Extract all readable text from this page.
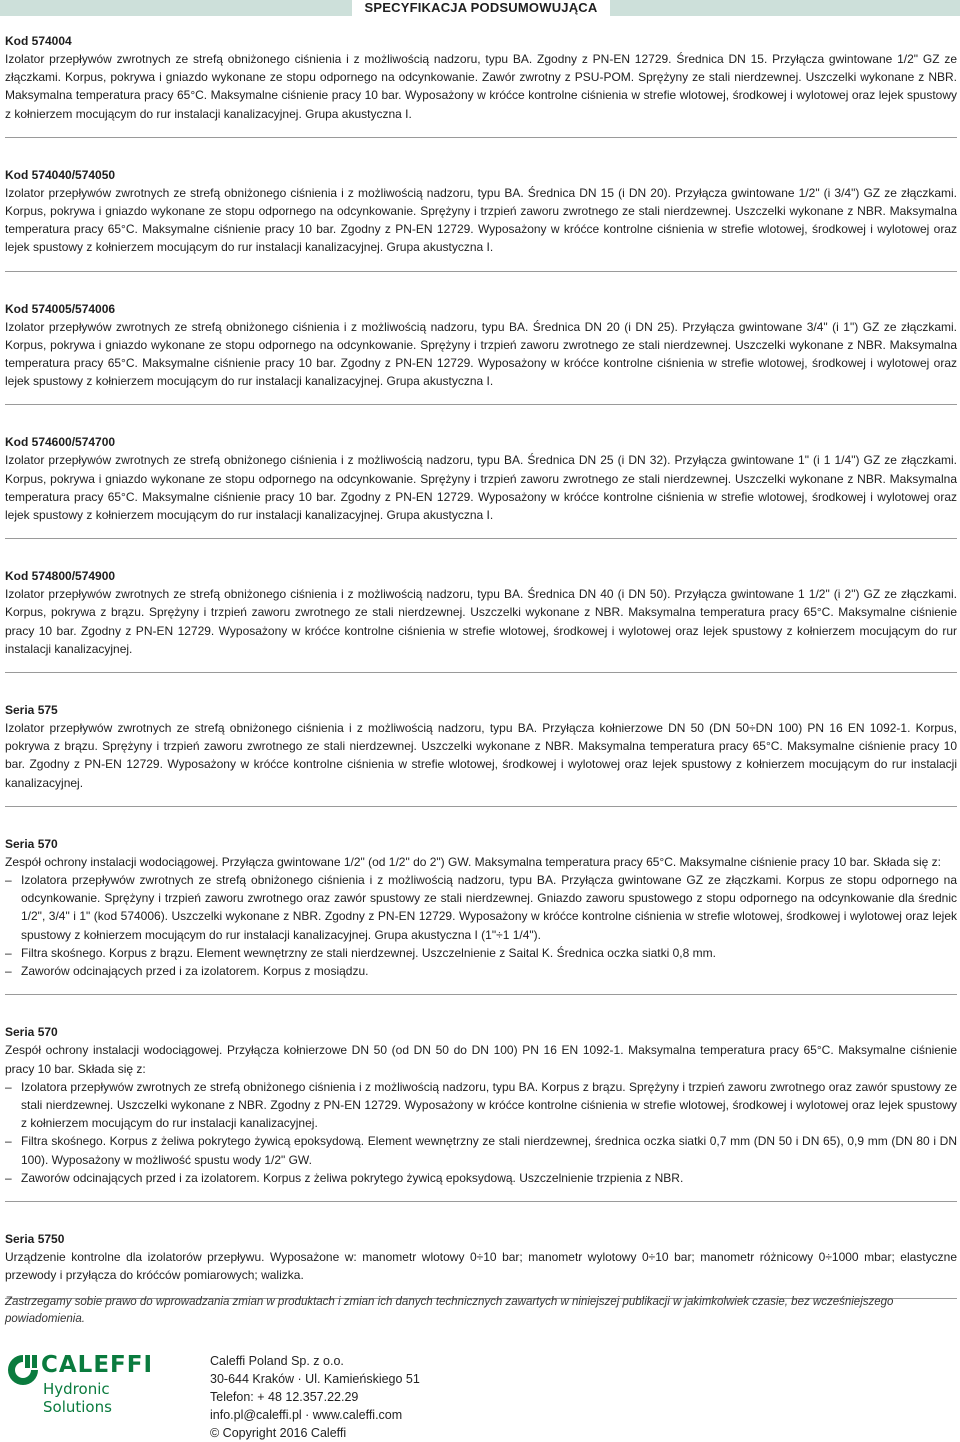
SPECYFIKACJA PODSUMOWUJĄCA
Kod 574004
Izolator przepływów zwrotnych ze strefą obniżonego ciśnienia i z możliwością nadzoru, typu BA. Zgodny z PN-EN 12729. Średnica DN 15. Przyłącza gwintowane 1/2" GZ ze złączkami. Korpus, pokrywa i gniazdo wykonane ze stopu odpornego na odcynkowanie. Zawór zwrotny z PSU-POM. Sprężyny ze stali nierdzewnej. Uszczelki wykonane z NBR. Maksymalna temperatura pracy 65°C. Maksymalne ciśnienie pracy 10 bar. Wyposażony w króćce kontrolne ciśnienia w strefie wlotowej, środkowej i wylotowej oraz lejek spustowy z kołnierzem mocującym do rur instalacji kanalizacyjnej. Grupa akustyczna I.
Kod 574040/574050
Izolator przepływów zwrotnych ze strefą obniżonego ciśnienia i z możliwością nadzoru, typu BA. Średnica DN 15 (i DN 20). Przyłącza gwintowane 1/2" (i 3/4") GZ ze złączkami. Korpus, pokrywa i gniazdo wykonane ze stopu odpornego na odcynkowanie. Sprężyny i trzpień zaworu zwrotnego ze stali nierdzewnej. Uszczelki wykonane z NBR. Maksymalna temperatura pracy 65°C. Maksymalne ciśnienie pracy 10 bar. Zgodny z PN-EN 12729. Wyposażony w króćce kontrolne ciśnienia w strefie wlotowej, środkowej i wylotowej oraz lejek spustowy z kołnierzem mocującym do rur instalacji kanalizacyjnej. Grupa akustyczna I.
Kod 574005/574006
Izolator przepływów zwrotnych ze strefą obniżonego ciśnienia i z możliwością nadzoru, typu BA. Średnica DN 20 (i DN 25). Przyłącza gwintowane 3/4" (i 1") GZ ze złączkami. Korpus, pokrywa i gniazdo wykonane ze stopu odpornego na odcynkowanie. Sprężyny i trzpień zaworu zwrotnego ze stali nierdzewnej. Uszczelki wykonane z NBR. Maksymalna temperatura pracy 65°C. Maksymalne ciśnienie pracy 10 bar. Zgodny z PN-EN 12729. Wyposażony w króćce kontrolne ciśnienia w strefie wlotowej, środkowej i wylotowej oraz lejek spustowy z kołnierzem mocującym do rur instalacji kanalizacyjnej. Grupa akustyczna I.
Kod 574600/574700
Izolator przepływów zwrotnych ze strefą obniżonego ciśnienia i z możliwością nadzoru, typu BA. Średnica DN 25 (i DN 32). Przyłącza gwintowane 1" (i 1 1/4") GZ ze złączkami. Korpus, pokrywa i gniazdo wykonane ze stopu odpornego na odcynkowanie. Sprężyny i trzpień zaworu zwrotnego ze stali nierdzewnej. Uszczelki wykonane z NBR. Maksymalna temperatura pracy 65°C. Maksymalne ciśnienie pracy 10 bar. Zgodny z PN-EN 12729. Wyposażony w króćce kontrolne ciśnienia w strefie wlotowej, środkowej i wylotowej oraz lejek spustowy z kołnierzem mocującym do rur instalacji kanalizacyjnej. Grupa akustyczna I.
Kod 574800/574900
Izolator przepływów zwrotnych ze strefą obniżonego ciśnienia i z możliwością nadzoru, typu BA. Średnica DN 40 (i DN 50). Przyłącza gwintowane 1 1/2" (i 2") GZ ze złączkami. Korpus, pokrywa z brązu. Sprężyny i trzpień zaworu zwrotnego ze stali nierdzewnej. Uszczelki wykonane z NBR. Maksymalna temperatura pracy 65°C. Maksymalne ciśnienie pracy 10 bar. Zgodny z PN-EN 12729. Wyposażony w króćce kontrolne ciśnienia w strefie wlotowej, środkowej i wylotowej oraz lejek spustowy z kołnierzem mocującym do rur instalacji kanalizacyjnej.
Seria 575
Izolator przepływów zwrotnych ze strefą obniżonego ciśnienia i z możliwością nadzoru, typu BA. Przyłącza kołnierzowe DN 50 (DN 50÷DN 100) PN 16 EN 1092-1. Korpus, pokrywa z brązu. Sprężyny i trzpień zaworu zwrotnego ze stali nierdzewnej. Uszczelki wykonane z NBR. Maksymalna temperatura pracy 65°C. Maksymalne ciśnienie pracy 10 bar. Zgodny z PN-EN 12729. Wyposażony w króćce kontrolne ciśnienia w strefie wlotowej, środkowej i wylotowej oraz lejek spustowy z kołnierzem mocującym do rur instalacji kanalizacyjnej.
Seria 570
Zespół ochrony instalacji wodociągowej. Przyłącza gwintowane 1/2" (od 1/2" do 2") GW. Maksymalna temperatura pracy 65°C. Maksymalne ciśnienie pracy 10 bar. Składa się z:
– Izolatora przepływów zwrotnych ze strefą obniżonego ciśnienia i z możliwością nadzoru, typu BA. Przyłącza gwintowane GZ ze złączkami. Korpus ze stopu odpornego na odcynkowanie. Sprężyny i trzpień zaworu zwrotnego oraz zawór spustowy ze stali nierdzewnej. Gniazdo zaworu spustowego z stopu odpornego na odcynkowanie dla średnic 1/2", 3/4" i 1" (kod 574006). Uszczelki wykonane z NBR. Zgodny z PN-EN 12729. Wyposażony w króćce kontrolne ciśnienia w strefie wlotowej, środkowej i wylotowej oraz lejek spustowy z kołnierzem mocującym do rur instalacji kanalizacyjnej. Grupa akustyczna I (1"÷1 1/4").
– Filtra skośnego. Korpus z brązu. Element wewnętrzny ze stali nierdzewnej. Uszczelnienie z Saital K. Średnica oczka siatki 0,8 mm.
– Zaworów odcinających przed i za izolatorem. Korpus z mosiądzu.
Seria 570
Zespół ochrony instalacji wodociągowej. Przyłącza kołnierzowe DN 50 (od DN 50 do DN 100) PN 16 EN 1092-1. Maksymalna temperatura pracy 65°C. Maksymalne ciśnienie pracy 10 bar. Składa się z:
– Izolatora przepływów zwrotnych ze strefą obniżonego ciśnienia i z możliwością nadzoru, typu BA. Korpus z brązu. Sprężyny i trzpień zaworu zwrotnego oraz zawór spustowy ze stali nierdzewnej. Uszczelki wykonane z NBR. Zgodny z PN-EN 12729. Wyposażony w króćce kontrolne ciśnienia w strefie wlotowej, środkowej i wylotowej oraz lejek spustowy z kołnierzem mocującym do rur instalacji kanalizacyjnej.
– Filtra skośnego. Korpus z żeliwa pokrytego żywicą epoksydową. Element wewnętrzny ze stali nierdzewnej, średnica oczka siatki 0,7 mm (DN 50 i DN 65), 0,9 mm (DN 80 i DN 100). Wyposażony w możliwość spustu wody 1/2" GW.
– Zaworów odcinających przed i za izolatorem. Korpus z żeliwa pokrytego żywicą epoksydową. Uszczelnienie trzpienia z NBR.
Seria 5750
Urządzenie kontrolne dla izolatorów przepływu. Wyposażone w: manometr wlotowy 0÷10 bar; manometr wylotowy 0÷10 bar; manometr różnicowy 0÷1000 mbar; elastyczne przewody i przyłącza do króćców pomiarowych; walizka.
Zastrzegamy sobie prawo do wprowadzania zmian w produktach i zmian ich danych technicznych zawartych w niniejszej publikacji w jakimkolwiek czasie, bez wcześniejszego powiadomienia.
CALEFFI
Hydronic Solutions
Caleffi Poland Sp. z o.o.
30-644 Kraków · Ul. Kamieńskiego 51
Telefon: + 48 12.357.22.29
info.pl@caleffi.pl · www.caleffi.com
© Copyright 2016 Caleffi
